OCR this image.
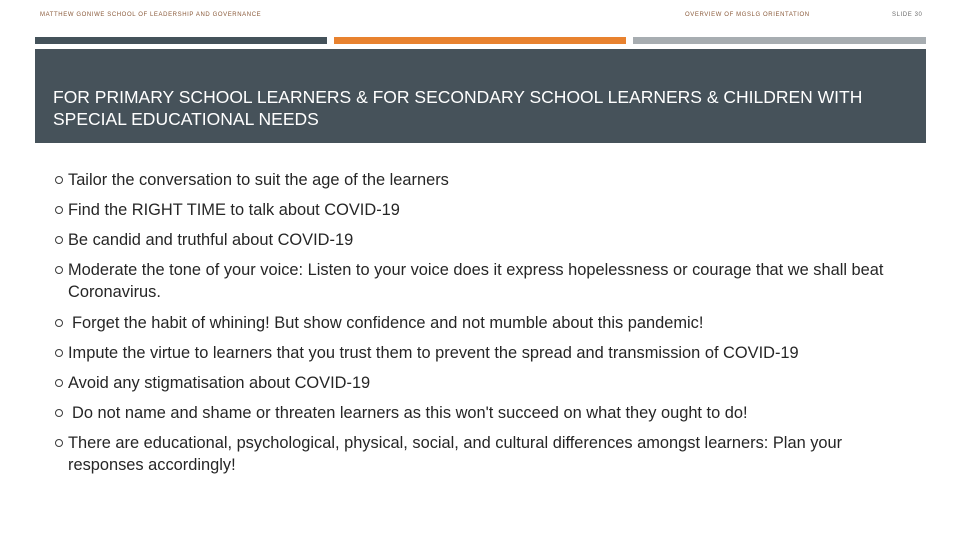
MATTHEW GONIWE SCHOOL OF LEADERSHIP AND GOVERNANCE	OVERVIEW OF MGSLG ORIENTATION	SLIDE 30
FOR PRIMARY SCHOOL LEARNERS & FOR SECONDARY SCHOOL LEARNERS & CHILDREN WITH SPECIAL EDUCATIONAL NEEDS
Tailor the conversation to suit the age of the learners
Find the RIGHT TIME to talk about COVID-19
Be candid and truthful about COVID-19
Moderate the tone of your voice: Listen to your voice does it express hopelessness or courage that we shall beat Coronavirus.
Forget the habit of whining! But show confidence and not mumble about this pandemic!
Impute the virtue to learners that you trust them to prevent the spread and transmission of COVID-19
Avoid any stigmatisation about COVID-19
Do not name and shame or threaten learners as this won't succeed on what they ought to do!
There are educational, psychological, physical, social, and cultural differences amongst learners: Plan your responses accordingly!
